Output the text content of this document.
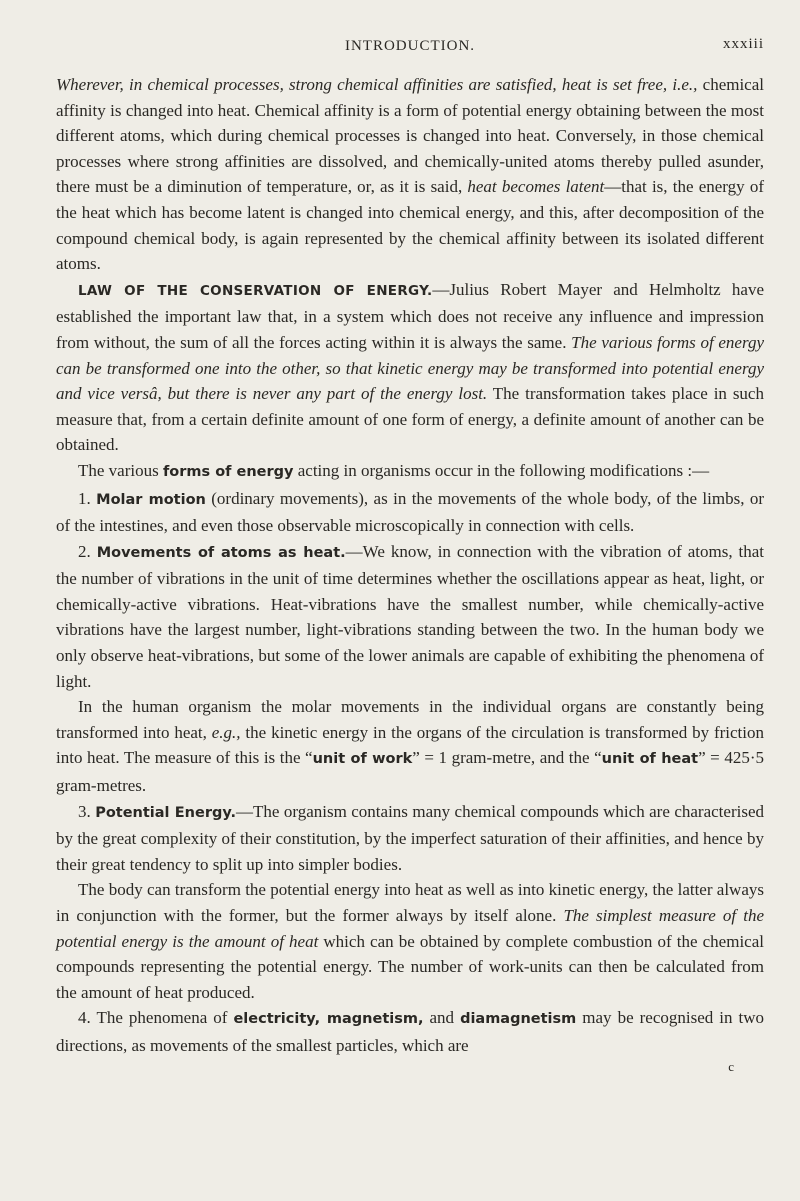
INTRODUCTION.	xxxiii

Wherever, in chemical processes, strong chemical affinities are satisfied, heat is set free, i.e., chemical affinity is changed into heat. Chemical affinity is a form of potential energy obtaining between the most different atoms, which during chemical processes is changed into heat. Conversely, in those chemical processes where strong affinities are dissolved, and chemically-united atoms thereby pulled asunder, there must be a diminution of temperature, or, as it is said, heat becomes latent—that is, the energy of the heat which has become latent is changed into chemical energy, and this, after decomposition of the compound chemical body, is again represented by the chemical affinity between its isolated different atoms.

LAW OF THE CONSERVATION OF ENERGY.—Julius Robert Mayer and Helmholtz have established the important law that, in a system which does not receive any influence and impression from without, the sum of all the forces acting within it is always the same. The various forms of energy can be transformed one into the other, so that kinetic energy may be transformed into potential energy and vice versâ, but there is never any part of the energy lost. The transformation takes place in such measure that, from a certain definite amount of one form of energy, a definite amount of another can be obtained.

The various forms of energy acting in organisms occur in the following modifications :—

1. Molar motion (ordinary movements), as in the movements of the whole body, of the limbs, or of the intestines, and even those observable microscopically in connection with cells.

2. Movements of atoms as heat.—We know, in connection with the vibration of atoms, that the number of vibrations in the unit of time determines whether the oscillations appear as heat, light, or chemically-active vibrations. Heat-vibrations have the smallest number, while chemically-active vibrations have the largest number, light-vibrations standing between the two. In the human body we only observe heat-vibrations, but some of the lower animals are capable of exhibiting the phenomena of light.

In the human organism the molar movements in the individual organs are constantly being transformed into heat, e.g., the kinetic energy in the organs of the circulation is transformed by friction into heat. The measure of this is the “unit of work” = 1 gram-metre, and the “unit of heat” = 425·5 gram-metres.

3. Potential Energy.—The organism contains many chemical compounds which are characterised by the great complexity of their constitution, by the imperfect saturation of their affinities, and hence by their great tendency to split up into simpler bodies.

The body can transform the potential energy into heat as well as into kinetic energy, the latter always in conjunction with the former, but the former always by itself alone. The simplest measure of the potential energy is the amount of heat which can be obtained by complete combustion of the chemical compounds representing the potential energy. The number of work-units can then be calculated from the amount of heat produced.

4. The phenomena of electricity, magnetism, and diamagnetism may be recognised in two directions, as movements of the smallest particles, which are

c
